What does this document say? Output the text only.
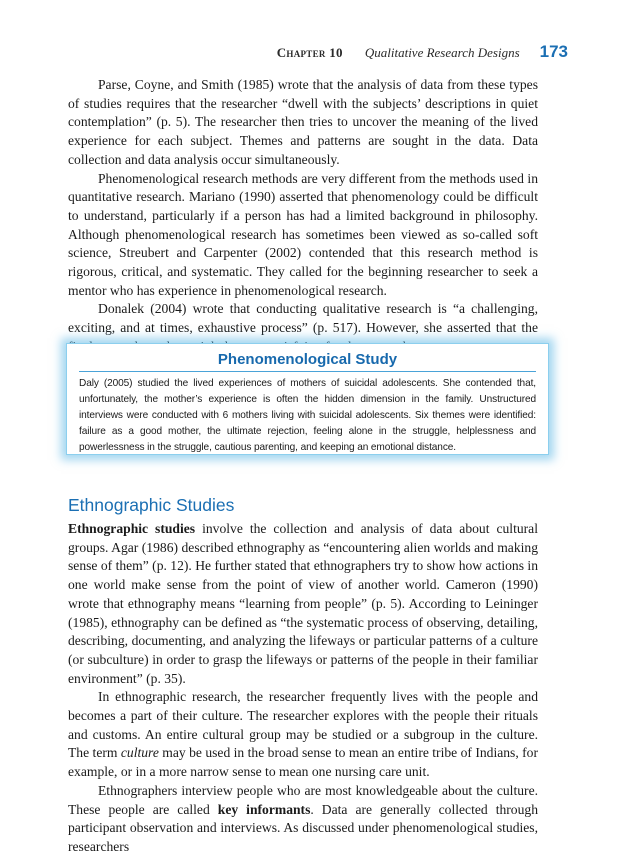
Chapter 10 Qualitative Research Designs 173

Parse, Coyne, and Smith (1985) wrote that the analysis of data from these types of studies requires that the researcher “dwell with the subjects’ descriptions in quiet contemplation” (p. 5). The researcher then tries to uncover the meaning of the lived experience for each subject. Themes and patterns are sought in the data. Data collection and data analysis occur simultaneously.

Phenomenological research methods are very different from the methods used in quantitative research. Mariano (1990) asserted that phenomenology could be difficult to understand, particularly if a person has had a limited background in philosophy. Although phenomenological research has sometimes been viewed as so-called soft science, Streubert and Carpenter (2002) contended that this research method is rigorous, critical, and systematic. They called for the beginning researcher to seek a mentor who has experience in phenomenological research.

Donalek (2004) wrote that conducting qualitative research is “a challenging, exciting, and at times, exhaustive process” (p. 517). However, she asserted that the

Phenomenological Study

Daly (2005) studied the lived experiences of mothers of suicidal adolescents. She contended that, unfortunately, the mother’s experience is often the hidden dimension in the family. Unstructured interviews were conducted with 6 mothers living with suicidal adolescents. Six themes were identified: failure as a good mother, the ultimate rejection, feeling alone in the struggle, helplessness and powerlessness in the struggle, cautious parenting, and keeping an emotional distance.

Ethnographic Studies

Ethnographic studies involve the collection and analysis of data about cultural groups. Agar (1986) described ethnography as “encountering alien worlds and making sense of them” (p. 12). He further stated that ethnographers try to show how actions in one world make sense from the point of view of another world. Cameron (1990) wrote that ethnography means “learning from people” (p. 5). According to Leininger (1985), ethnography can be defined as “the systematic process of observing, detailing, describing, documenting, and analyzing the lifeways or particular patterns of a culture (or subculture) in order to grasp the lifeways or patterns of the people in their familiar environment” (p. 35).

In ethnographic research, the researcher frequently lives with the people and becomes a part of their culture. The researcher explores with the people their rituals and customs. An entire cultural group may be studied or a subgroup in the culture. The term culture may be used in the broad sense to mean an entire tribe of Indians, for example, or in a more narrow sense to mean one nursing care unit.

Ethnographers interview people who are most knowledgeable about the culture. These people are called key informants. Data are generally collected through participant observation and interviews. As discussed under phenomenological studies, researchers
